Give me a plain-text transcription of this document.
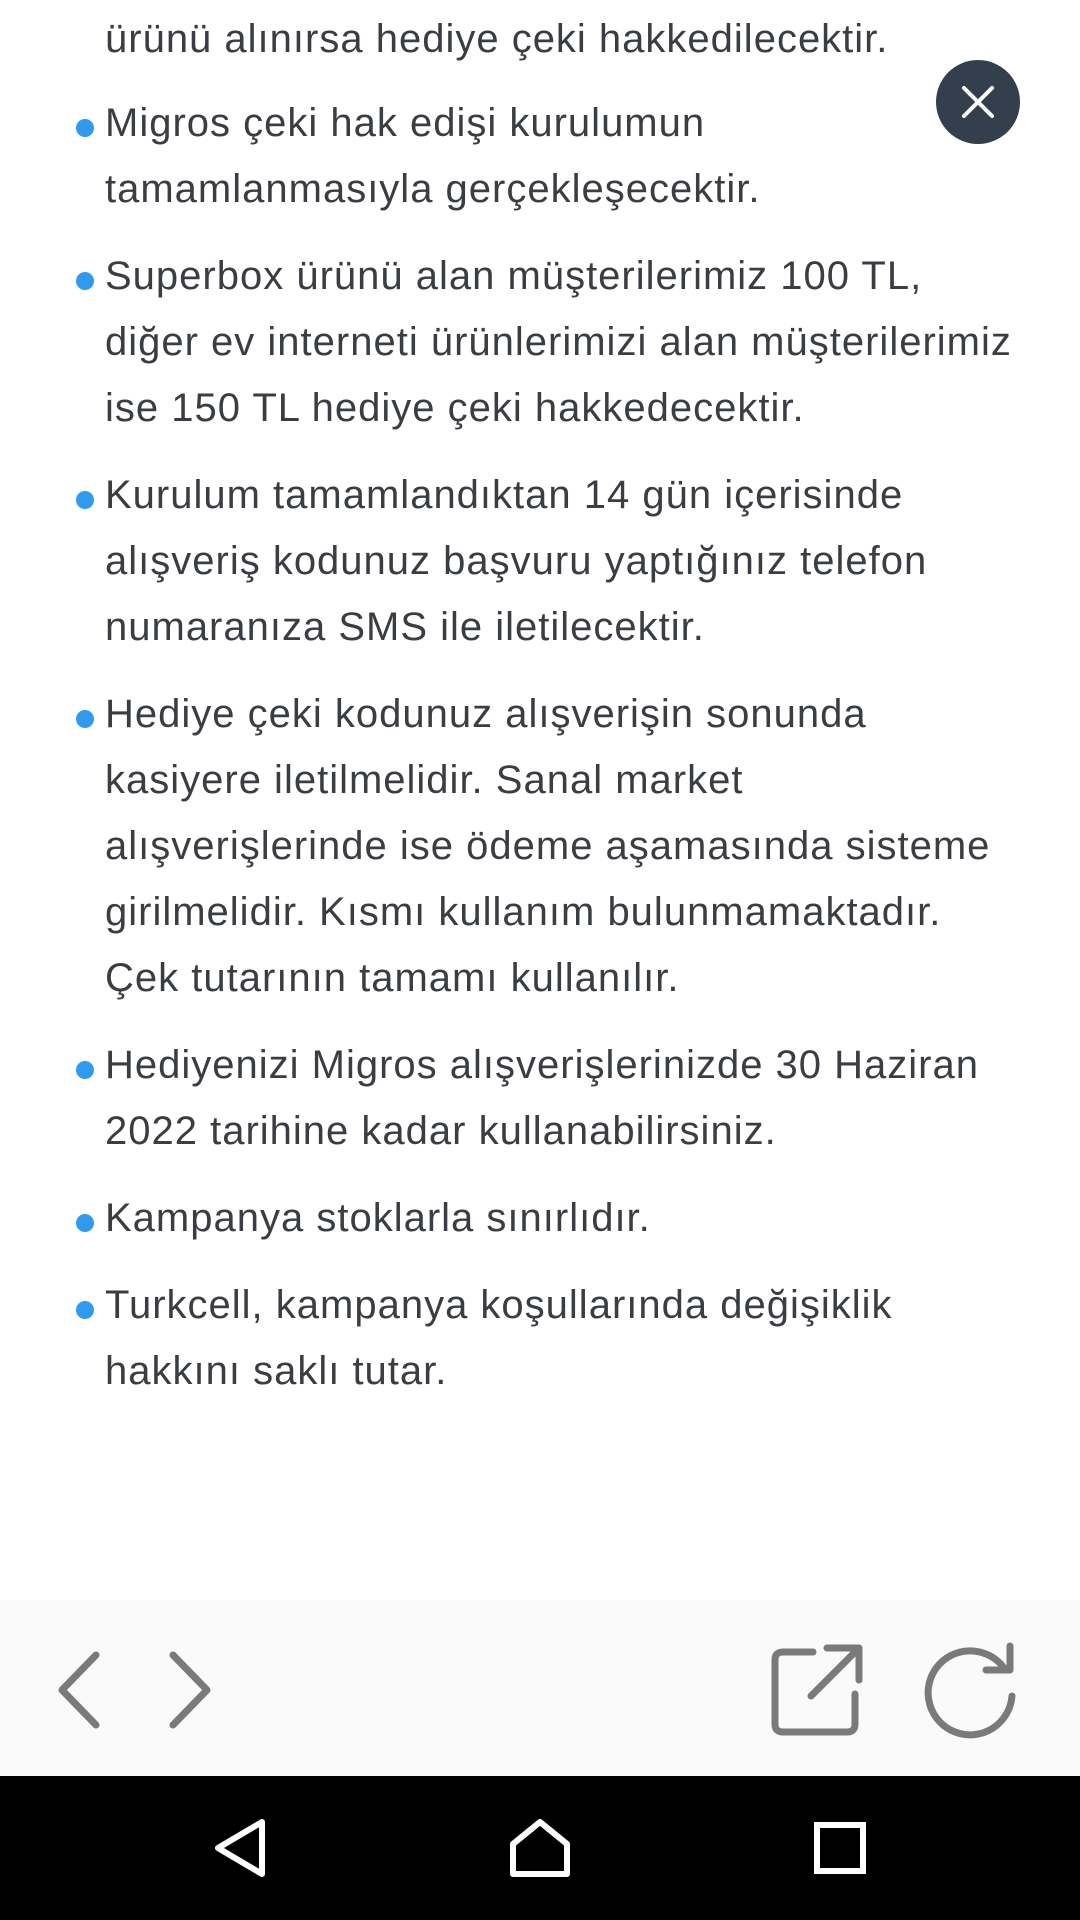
ürünü alınırsa hediye çeki hakkedilecektir.

Migros çeki hak edişi kurulumun tamamlanmasıyla gerçekleşecektir.
Superbox ürünü alan müşterilerimiz 100 TL, diğer ev interneti ürünlerimizi alan müşterilerimiz ise 150 TL hediye çeki hakkedecektir.
Kurulum tamamlandıktan 14 gün içerisinde alışveriş kodunuz başvuru yaptığınız telefon numaranıza SMS ile iletilecektir.
Hediye çeki kodunuz alışverişin sonunda kasiyere iletilmelidir. Sanal market alışverişlerinde ise ödeme aşamasında sisteme girilmelidir. Kısmı kullanım bulunmamaktadır. Çek tutarının tamamı kullanılır.
Hediyenizi Migros alışverişlerinizde 30 Haziran 2022 tarihine kadar kullanabilirsiniz.
Kampanya stoklarla sınırlıdır.
Turkcell, kampanya koşullarında değişiklik hakkını saklı tutar.
